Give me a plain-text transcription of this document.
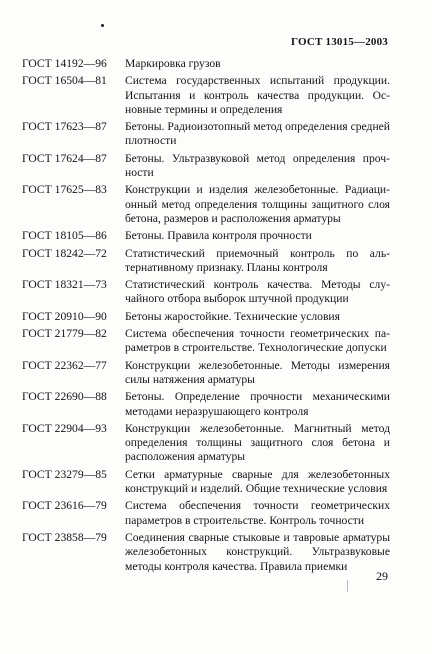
ГОСТ 13015—2003
ГОСТ 14192—96	Маркировка грузов
ГОСТ 16504—81	Система государственных испытаний продукции. Испытания и контроль качества продукции. Основные термины и определения
ГОСТ 17623—87	Бетоны. Радиоизотопный метод определения средней плотности
ГОСТ 17624—87	Бетоны. Ультразвуковой метод определения прочности
ГОСТ 17625—83	Конструкции и изделия железобетонные. Радиационный метод определения толщины защитного слоя бетона, размеров и расположения арматуры
ГОСТ 18105—86	Бетоны. Правила контроля прочности
ГОСТ 18242—72	Статистический приемочный контроль по альтернативному признаку. Планы контроля
ГОСТ 18321—73	Статистический контроль качества. Методы случайного отбора выборок штучной продукции
ГОСТ 20910—90	Бетоны жаростойкие. Технические условия
ГОСТ 21779—82	Система обеспечения точности геометрических параметров в строительстве. Технологические допуски
ГОСТ 22362—77	Конструкции железобетонные. Методы измерения силы натяжения арматуры
ГОСТ 22690—88	Бетоны. Определение прочности механическими методами неразрушающего контроля
ГОСТ 22904—93	Конструкции железобетонные. Магнитный метод определения толщины защитного слоя бетона и расположения арматуры
ГОСТ 23279—85	Сетки арматурные сварные для железобетонных конструкций и изделий. Общие технические условия
ГОСТ 23616—79	Система обеспечения точности геометрических параметров в строительстве. Контроль точности
ГОСТ 23858—79	Соединения сварные стыковые и тавровые арматуры железобетонных конструкций. Ультразвуковые методы контроля качества. Правила приемки
29
